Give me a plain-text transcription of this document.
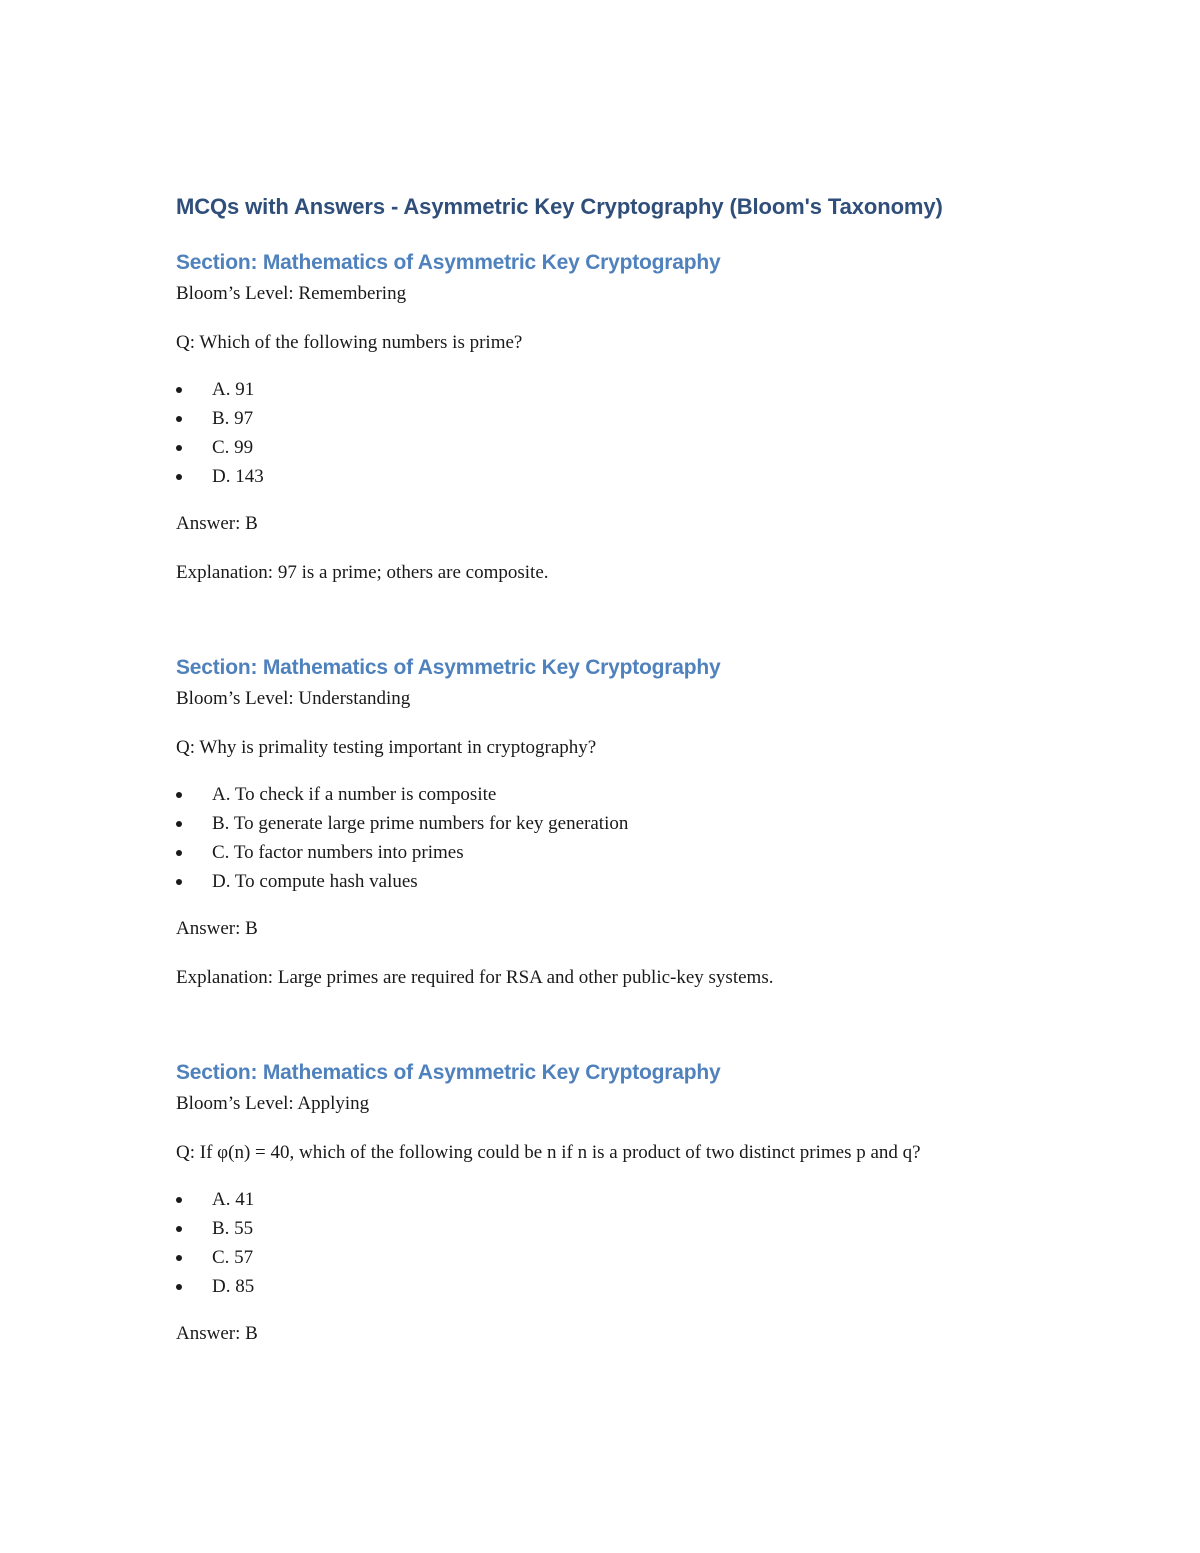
MCQs with Answers - Asymmetric Key Cryptography (Bloom's Taxonomy)
Section: Mathematics of Asymmetric Key Cryptography

Bloom’s Level: Remembering

Q: Which of the following numbers is prime?

A. 91
B. 97
C. 99
D. 143

Answer: B

Explanation: 97 is a prime; others are composite.

Section: Mathematics of Asymmetric Key Cryptography

Bloom’s Level: Understanding

Q: Why is primality testing important in cryptography?

A. To check if a number is composite
B. To generate large prime numbers for key generation
C. To factor numbers into primes
D. To compute hash values

Answer: B

Explanation: Large primes are required for RSA and other public-key systems.

Section: Mathematics of Asymmetric Key Cryptography

Bloom’s Level: Applying

Q: If φ(n) = 40, which of the following could be n if n is a product of two distinct primes p and q?

A. 41
B. 55
C. 57
D. 85

Answer: B
